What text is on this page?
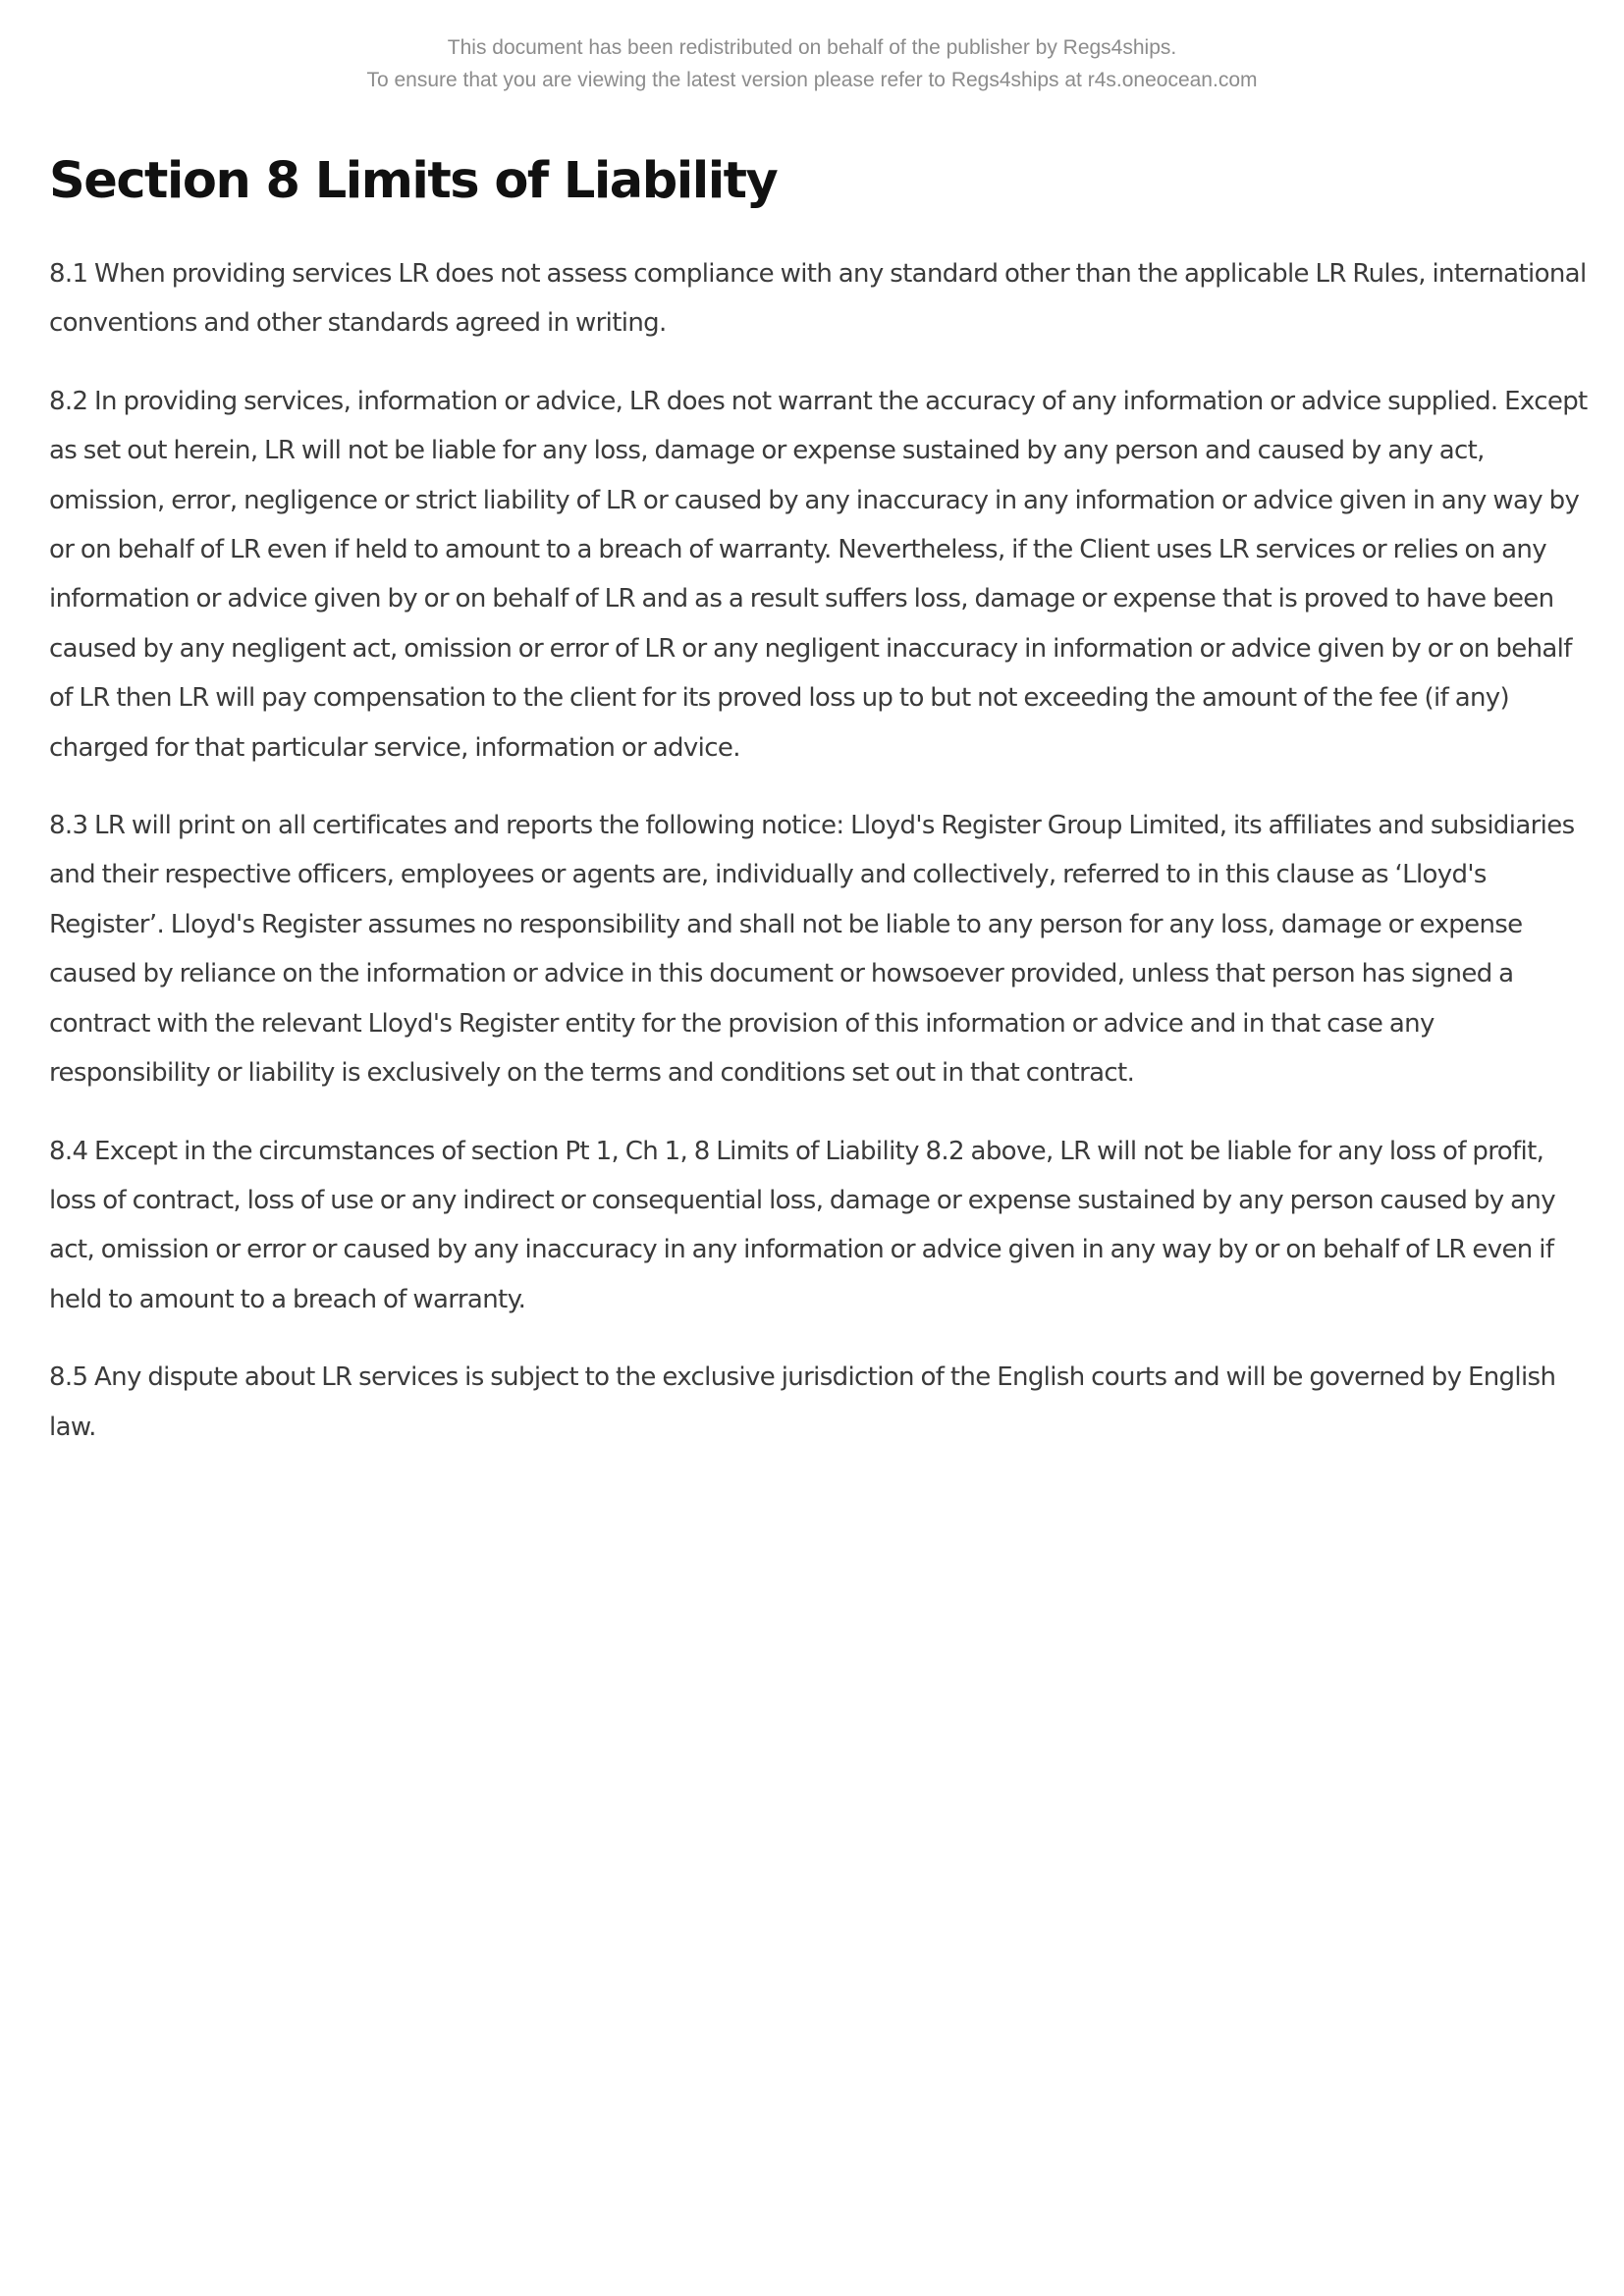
This document has been redistributed on behalf of the publisher by Regs4ships.
To ensure that you are viewing the latest version please refer to Regs4ships at r4s.oneocean.com
Section 8 Limits of Liability

8.1 When providing services LR does not assess compliance with any standard other than the applicable LR Rules, international conventions and other standards agreed in writing.

8.2 In providing services, information or advice, LR does not warrant the accuracy of any information or advice supplied. Except as set out herein, LR will not be liable for any loss, damage or expense sustained by any person and caused by any act, omission, error, negligence or strict liability of LR or caused by any inaccuracy in any information or advice given in any way by or on behalf of LR even if held to amount to a breach of warranty. Nevertheless, if the Client uses LR services or relies on any information or advice given by or on behalf of LR and as a result suffers loss, damage or expense that is proved to have been caused by any negligent act, omission or error of LR or any negligent inaccuracy in information or advice given by or on behalf of LR then LR will pay compensation to the client for its proved loss up to but not exceeding the amount of the fee (if any) charged for that particular service, information or advice.

8.3 LR will print on all certificates and reports the following notice: Lloyd's Register Group Limited, its affiliates and subsidiaries and their respective officers, employees or agents are, individually and collectively, referred to in this clause as ‘Lloyd's Register’. Lloyd's Register assumes no responsibility and shall not be liable to any person for any loss, damage or expense caused by reliance on the information or advice in this document or howsoever provided, unless that person has signed a contract with the relevant Lloyd's Register entity for the provision of this information or advice and in that case any responsibility or liability is exclusively on the terms and conditions set out in that contract.

8.4 Except in the circumstances of section Pt 1, Ch 1, 8 Limits of Liability 8.2 above, LR will not be liable for any loss of profit, loss of contract, loss of use or any indirect or consequential loss, damage or expense sustained by any person caused by any act, omission or error or caused by any inaccuracy in any information or advice given in any way by or on behalf of LR even if held to amount to a breach of warranty.

8.5 Any dispute about LR services is subject to the exclusive jurisdiction of the English courts and will be governed by English law.
